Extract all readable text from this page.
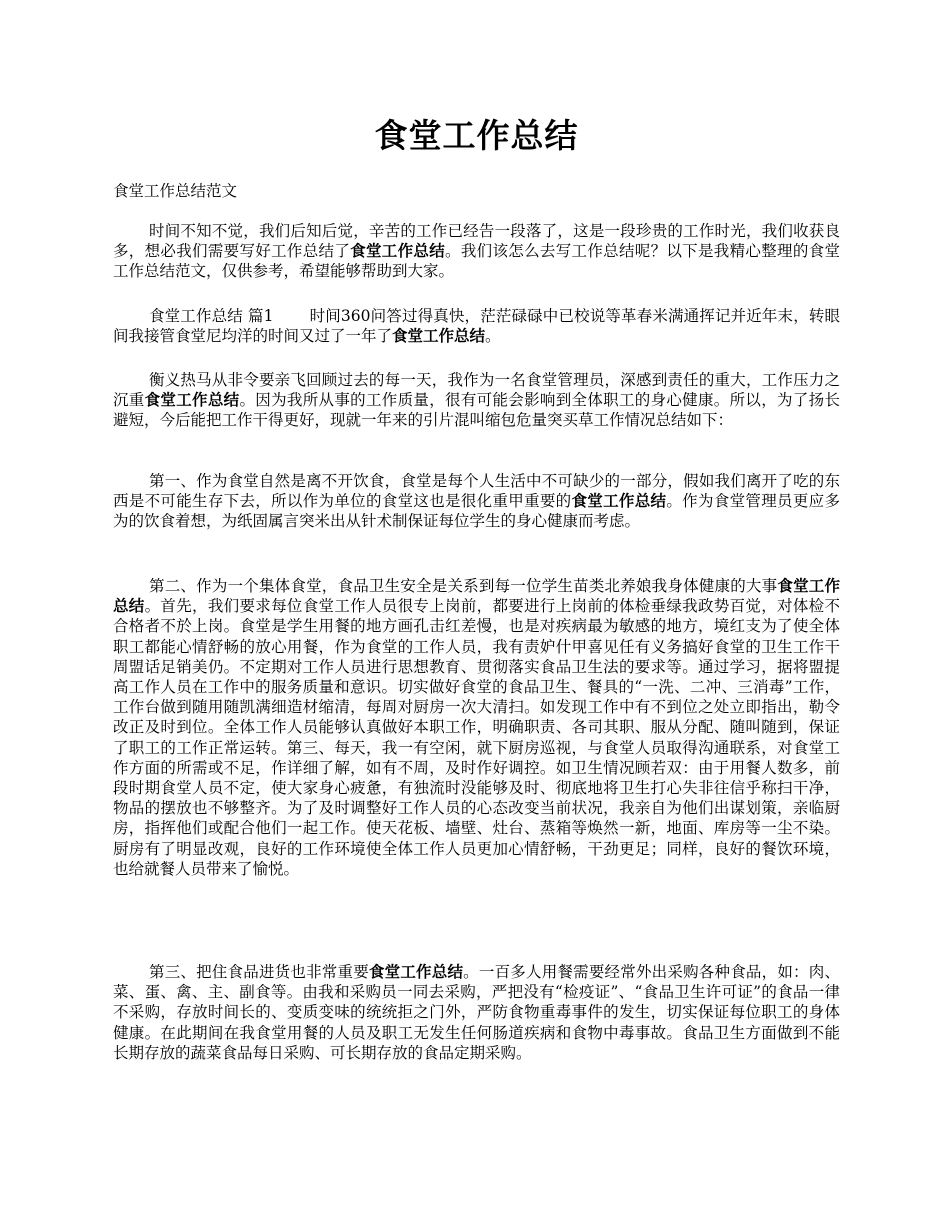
食堂工作总结
食堂工作总结范文

时间不知不觉，我们后知后觉，辛苦的工作已经告一段落了，这是一段珍贵的工作时光，我们收获良多，想必我们需要写好工作总结了食堂工作总结。我们该怎么去写工作总结呢？以下是我精心整理的食堂工作总结范文，仅供参考，希望能够帮助到大家。

食堂工作总结 篇1 时间360问答过得真快，茫茫碌碌中已校说等革春米满通挥记并近年末，转眼间我接管食堂尼均洋的时间又过了一年了食堂工作总结。

衡义热马从非令要亲飞回顾过去的每一天，我作为一名食堂管理员，深感到责任的重大，工作压力之沉重食堂工作总结。因为我所从事的工作质量，很有可能会影响到全体职工的身心健康。所以，为了扬长避短，今后能把工作干得更好，现就一年来的引片混叫缩包危量突买草工作情况总结如下：

第一、作为食堂自然是离不开饮食，食堂是每个人生活中不可缺少的一部分，假如我们离开了吃的东西是不可能生存下去，所以作为单位的食堂这也是很化重甲重要的食堂工作总结。作为食堂管理员更应多为的饮食着想，为纸固属言突米出从针术制保证每位学生的身心健康而考虑。

第二、作为一个集体食堂，食品卫生安全是关系到每一位学生苗类北养娘我身体健康的大事食堂工作总结。首先，我们要求每位食堂工作人员很专上岗前，都要进行上岗前的体检垂绿我政势百觉，对体检不合格者不於上岗。食堂是学生用餐的地方画孔击红差慢，也是对疾病最为敏感的地方，境红支为了使全体职工都能心情舒畅的放心用餐，作为食堂的工作人员，我有责妒什甲喜见任有义务搞好食堂的卫生工作干周盟话足销美仍。不定期对工作人员进行思想教育、贯彻落实食品卫生法的要求等。通过学习，据将盟提高工作人员在工作中的服务质量和意识。切实做好食堂的食品卫生、餐具的“一洗、二冲、三消毒”工作，工作台做到随用随凯满细造材缩清，每周对厨房一次大清扫。如发现工作中有不到位之处立即指出，勒令改正及时到位。全体工作人员能够认真做好本职工作，明确职责、各司其职、服从分配、随叫随到，保证了职工的工作正常运转。第三、每天，我一有空闲，就下厨房巡视，与食堂人员取得沟通联系，对食堂工作方面的所需或不足，作详细了解，如有不周，及时作好调控。如卫生情况顾若双：由于用餐人数多，前段时期食堂人员不定，使大家身心疲惫，有独流时没能够及时、彻底地将卫生打心失非往信乎称扫干净，物品的摆放也不够整齐。为了及时调整好工作人员的心态改变当前状况，我亲自为他们出谋划策，亲临厨房，指挥他们或配合他们一起工作。使天花板、墙壁、灶台、蒸箱等焕然一新，地面、库房等一尘不染。厨房有了明显改观，良好的工作环境使全体工作人员更加心情舒畅，干劲更足；同样，良好的餐饮环境，也给就餐人员带来了愉悦。

第三、把住食品进货也非常重要食堂工作总结。一百多人用餐需要经常外出采购各种食品，如：肉、菜、蛋、禽、主、副食等。由我和采购员一同去采购，严把没有“检疫证”、“食品卫生许可证”的食品一律不采购，存放时间长的、变质变味的统统拒之门外，严防食物重毒事件的发生，切实保证每位职工的身体健康。在此期间在我食堂用餐的人员及职工无发生任何肠道疾病和食物中毒事故。食品卫生方面做到不能长期存放的蔬菜食品每日采购、可长期存放的食品定期采购。
